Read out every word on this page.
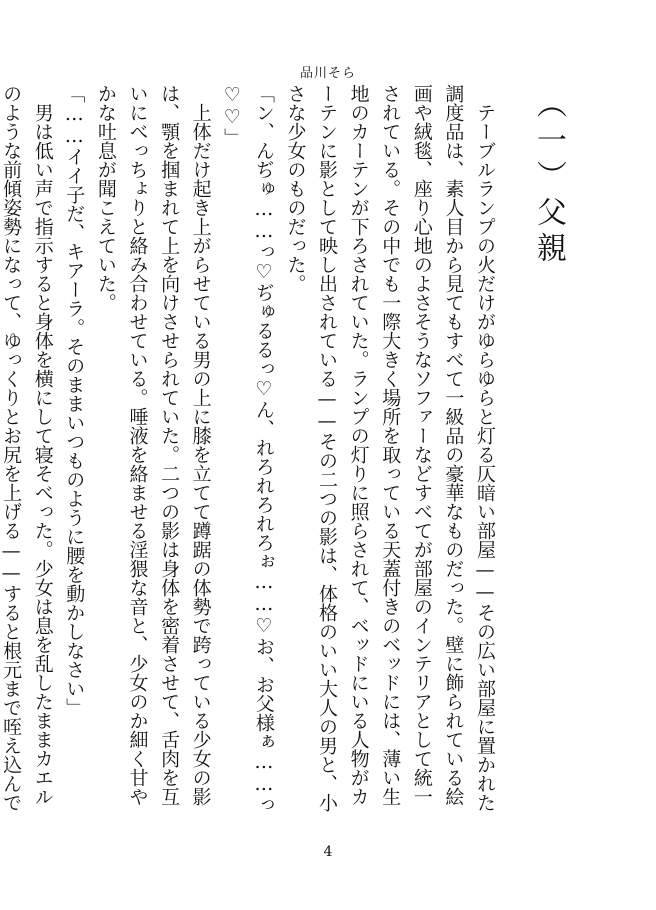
品川そら
（一）父親

テーブルランプの火だけがゆらゆらと灯る仄暗い部屋——その広い部屋に置かれた調度品は、素人目から見てもすべて一級品の豪華なものだった。壁に飾られている絵画や絨毯、座り心地のよさそうなソファーなどすべてが部屋のインテリアとして統一されている。その中でも一際大きく場所を取っている天蓋付きのベッドには、薄い生地のカーテンが下ろされていた。ランプの灯りに照らされて、ベッドにいる人物がカーテンに影として映し出されている——その二つの影は、体格のいい大人の男と、小さな少女のものだった。

「ン、んぢゅ……っ♡ぢゅるるっ♡ん、れろれろれろぉ……♡お、お父様ぁ……っ♡♡」

上体だけ起き上がらせている男の上に膝を立てて蹲踞の体勢で跨っている少女の影は、顎を掴まれて上を向けさせられていた。二つの影は身体を密着させて、舌肉を互いにべっちょりと絡み合わせている。唾液を絡ませる淫猥な音と、少女のか細く甘やかな吐息が聞こえていた。

「……イイ子だ、キアーラ。そのままいつものように腰を動かしなさい」

男は低い声で指示すると身体を横にして寝そべった。少女は息を乱したままカエルのような前傾姿勢になって、ゆっくりとお尻を上げる——すると根元まで咥え込んで

4
